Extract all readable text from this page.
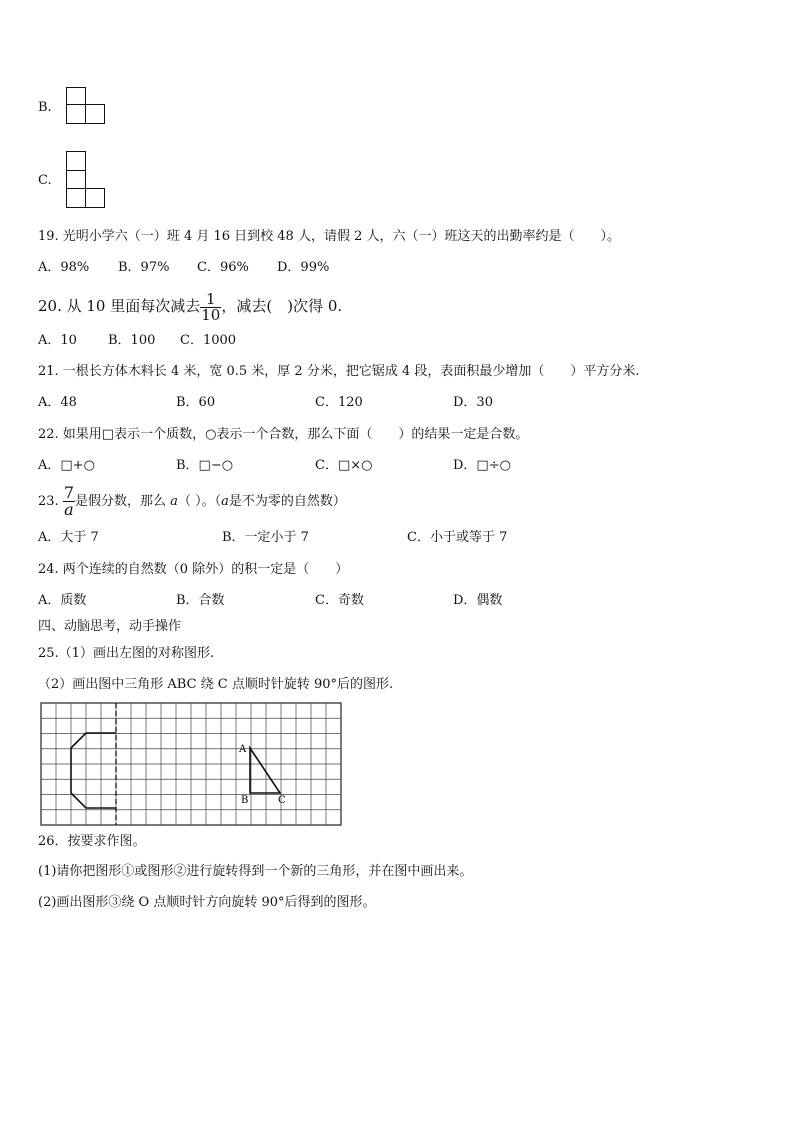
B.
C.
19. 光明小学六（一）班 4 月 16 日到校 48 人，请假 2 人，六（一）班这天的出勤率约是（　　）。
A．98% B．97% C．96% D．99%
20. 从 10 里面每次减去 $\frac{1}{10}$ ，减去(　)次得 0.
A．10 B．100 C．1000
21. 一根长方体木料长 4 米，宽 0.5 米，厚 2 分米，把它锯成 4 段，表面积最少增加（　　）平方分米.
A．48	B．60	C．120	D．30
22. 如果用□表示一个质数，○表示一个合数，那么下面（　　）的结果一定是合数。
A．□+○	B．□−○	C．□×○	D．□÷○
23. $\frac{7}{a}$ 是假分数，那么 a（ ）。（a是不为零的自然数）
A．大于 7	B．一定小于 7	C．小于或等于 7
24. 两个连续的自然数（0 除外）的积一定是（　　）
A．质数	B．合数	C．奇数	D．偶数
四、动脑思考，动手操作
25.（1）画出左图的对称图形.
（2）画出图中三角形 ABC 绕 C 点顺时针旋转 90°后的图形.
A
B	C
26．按要求作图。
(1)请你把图形①或图形②进行旋转得到一个新的三角形，并在图中画出来。
(2)画出图形③绕 O 点顺时针方向旋转 90°后得到的图形。
